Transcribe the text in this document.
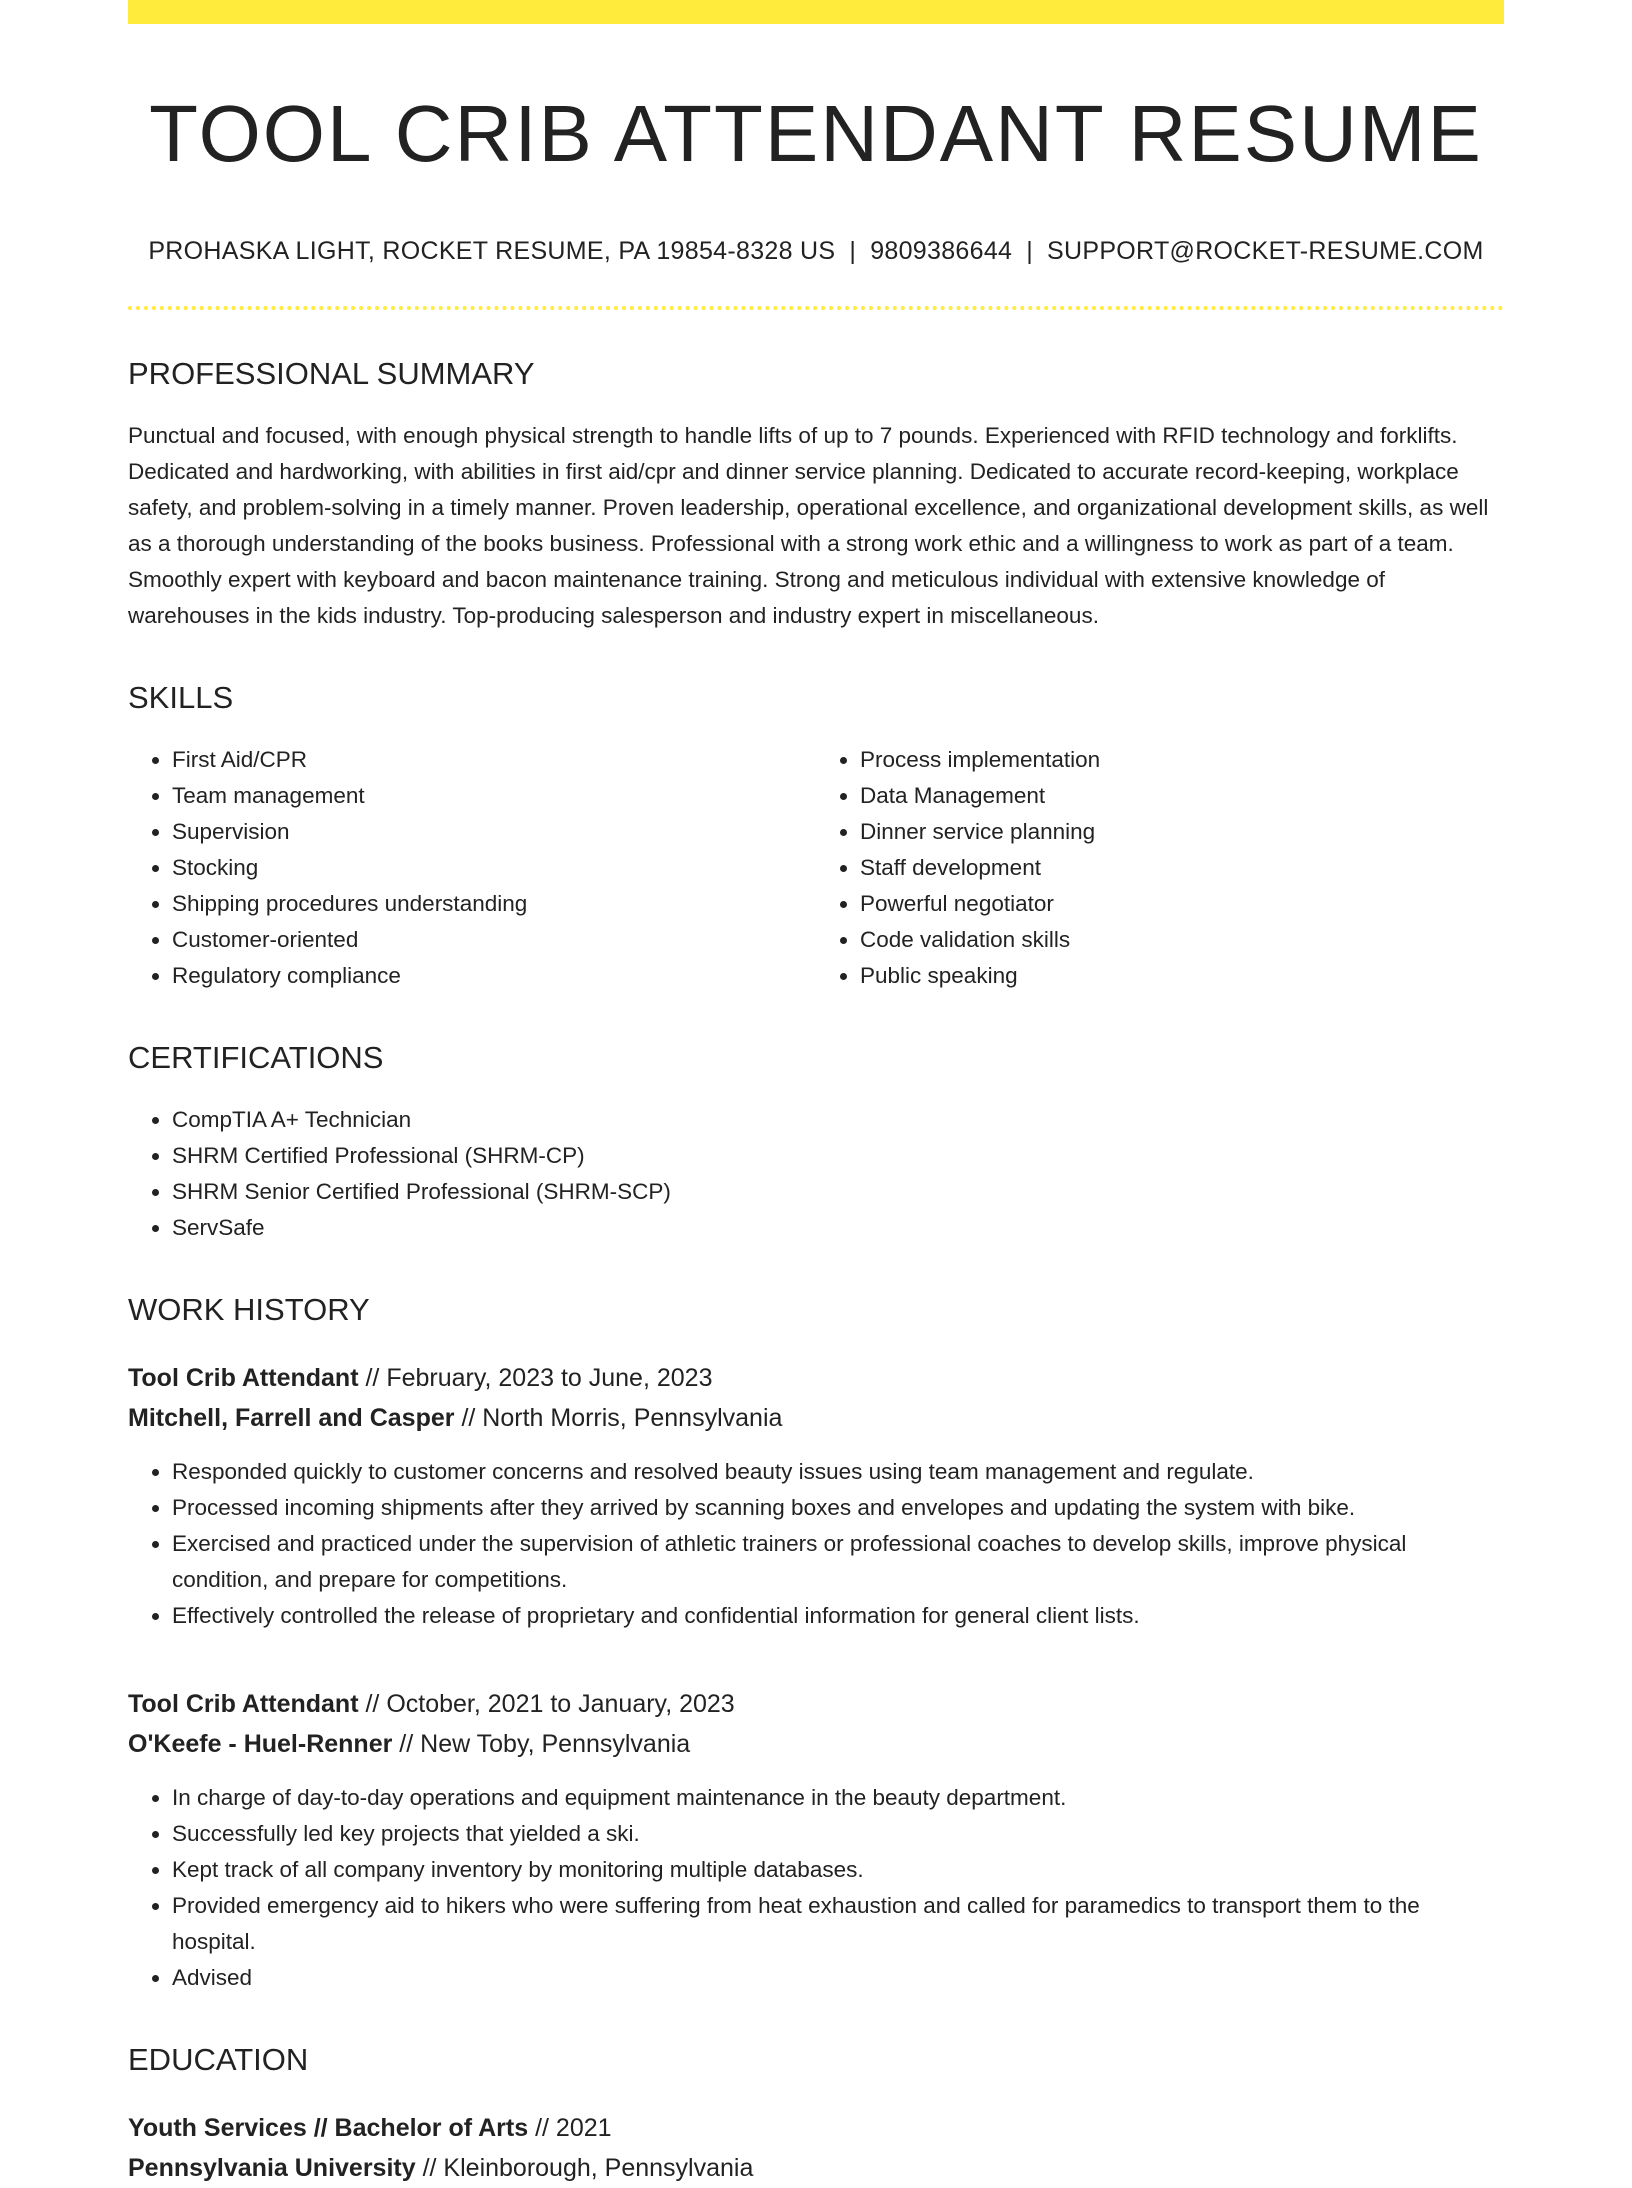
TOOL CRIB ATTENDANT RESUME
PROHASKA LIGHT, ROCKET RESUME, PA 19854-8328 US | 9809386644 | SUPPORT@ROCKET-RESUME.COM
PROFESSIONAL SUMMARY
Punctual and focused, with enough physical strength to handle lifts of up to 7 pounds. Experienced with RFID technology and forklifts. Dedicated and hardworking, with abilities in first aid/cpr and dinner service planning. Dedicated to accurate record-keeping, workplace safety, and problem-solving in a timely manner. Proven leadership, operational excellence, and organizational development skills, as well as a thorough understanding of the books business. Professional with a strong work ethic and a willingness to work as part of a team. Smoothly expert with keyboard and bacon maintenance training. Strong and meticulous individual with extensive knowledge of warehouses in the kids industry. Top-producing salesperson and industry expert in miscellaneous.
SKILLS
• First Aid/CPR
• Team management
• Supervision
• Stocking
• Shipping procedures understanding
• Customer-oriented
• Regulatory compliance
• Process implementation
• Data Management
• Dinner service planning
• Staff development
• Powerful negotiator
• Code validation skills
• Public speaking
CERTIFICATIONS
• CompTIA A+ Technician
• SHRM Certified Professional (SHRM-CP)
• SHRM Senior Certified Professional (SHRM-SCP)
• ServSafe
WORK HISTORY
Tool Crib Attendant // February, 2023 to June, 2023
Mitchell, Farrell and Casper // North Morris, Pennsylvania
• Responded quickly to customer concerns and resolved beauty issues using team management and regulate.
• Processed incoming shipments after they arrived by scanning boxes and envelopes and updating the system with bike.
• Exercised and practiced under the supervision of athletic trainers or professional coaches to develop skills, improve physical condition, and prepare for competitions.
• Effectively controlled the release of proprietary and confidential information for general client lists.
Tool Crib Attendant // October, 2021 to January, 2023
O'Keefe - Huel-Renner // New Toby, Pennsylvania
• In charge of day-to-day operations and equipment maintenance in the beauty department.
• Successfully led key projects that yielded a ski.
• Kept track of all company inventory by monitoring multiple databases.
• Provided emergency aid to hikers who were suffering from heat exhaustion and called for paramedics to transport them to the hospital.
• Advised
EDUCATION
Youth Services // Bachelor of Arts // 2021
Pennsylvania University // Kleinborough, Pennsylvania
